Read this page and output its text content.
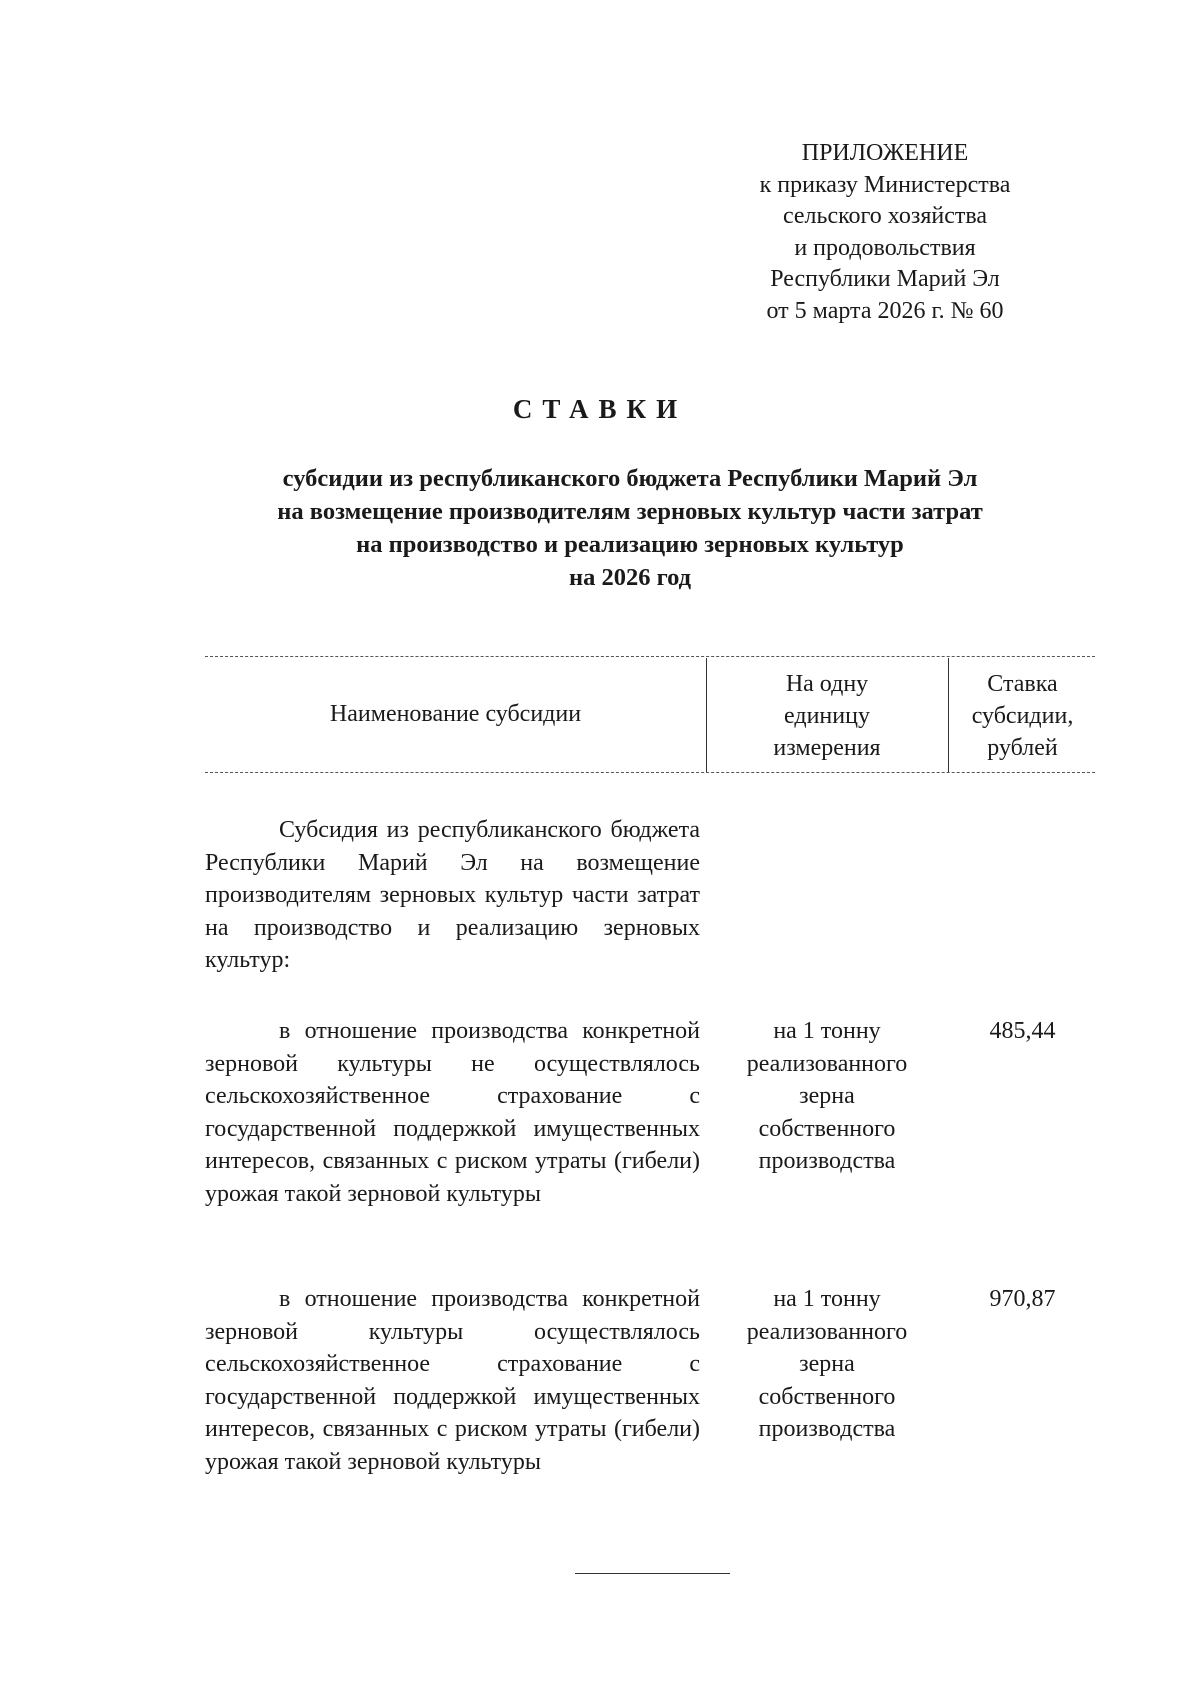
ПРИЛОЖЕНИЕ
к приказу Министерства
сельского хозяйства
и продовольствия
Республики Марий Эл
от 5 марта 2026 г. № 60
СТАВКИ
субсидии из республиканского бюджета Республики Марий Эл
на возмещение производителям зерновых культур части затрат
на производство и реализацию зерновых культур
на 2026 год
Наименование субсидии
На одну
единицу
измерения
Ставка
субсидии,
рублей
Субсидия из республиканского бюджета Республики Марий Эл на возмещение производителям зерновых культур части затрат на производство и реализацию зерновых культур:
в отношение производства конкретной зерновой культуры не осуществлялось сельскохозяйственное страхование с государственной поддержкой имущественных интересов, связанных с риском утраты (гибели) урожая такой зерновой культуры
на 1 тонну
реализованного
зерна
собственного
производства
485,44
в отношение производства конкретной зерновой культуры осуществлялось сельскохозяйственное страхование с государственной поддержкой имущественных интересов, связанных с риском утраты (гибели) урожая такой зерновой культуры
на 1 тонну
реализованного
зерна
собственного
производства
970,87
